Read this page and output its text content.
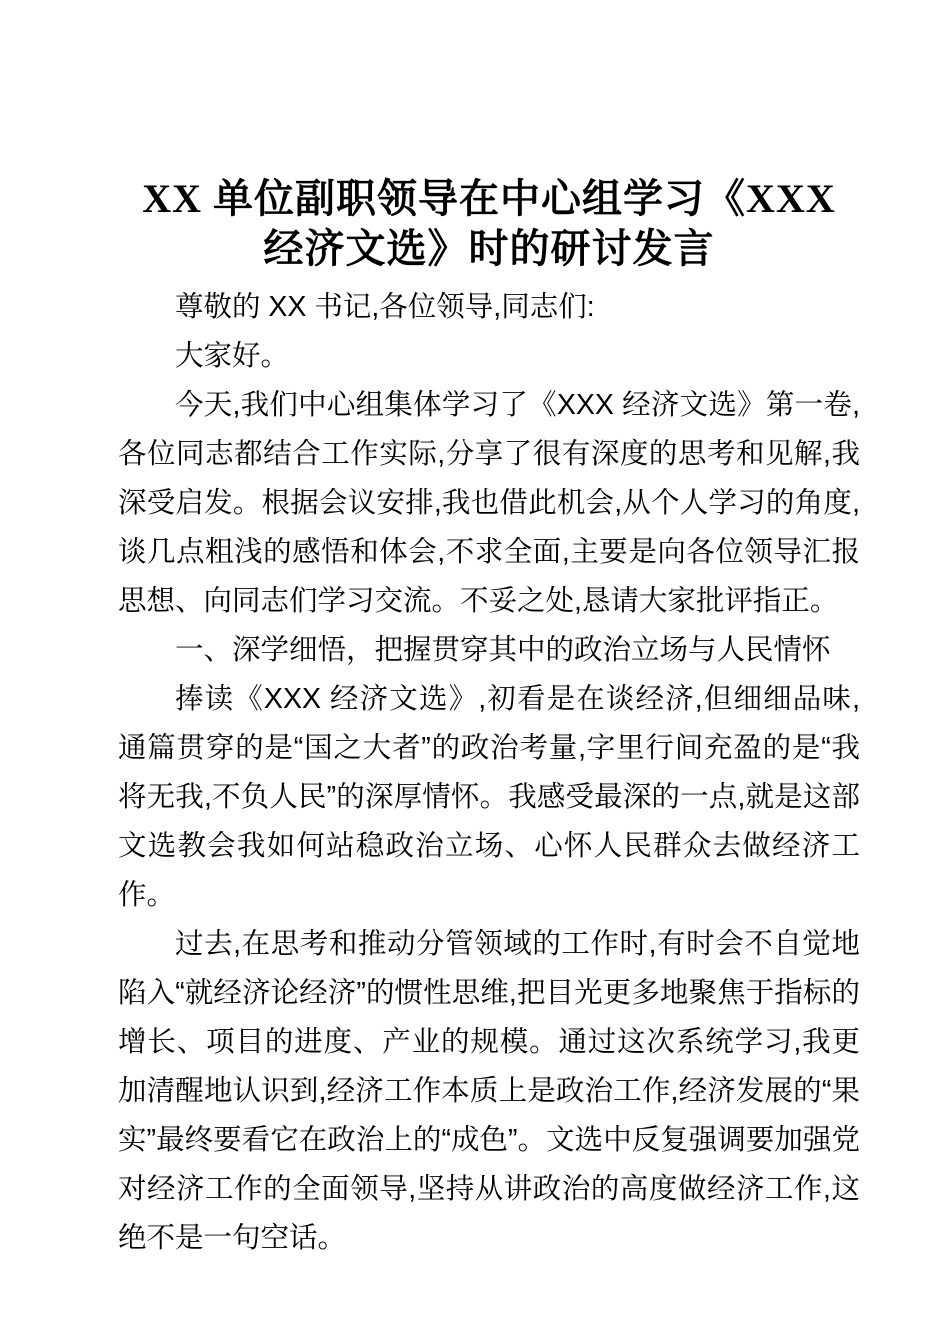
XX 单位副职领导在中心组学习《XXX 经济文选》时的研讨发言

尊敬的 XX 书记,各位领导,同志们:

大家好。

今天,我们中心组集体学习了《XXX 经济文选》第一卷,各位同志都结合工作实际,分享了很有深度的思考和见解,我深受启发。根据会议安排,我也借此机会,从个人学习的角度,谈几点粗浅的感悟和体会,不求全面,主要是向各位领导汇报思想、向同志们学习交流。不妥之处,恳请大家批评指正。

一、深学细悟，把握贯穿其中的政治立场与人民情怀

捧读《XXX 经济文选》,初看是在谈经济,但细细品味,通篇贯穿的是“国之大者”的政治考量,字里行间充盈的是“我将无我,不负人民”的深厚情怀。我感受最深的一点,就是这部文选教会我如何站稳政治立场、心怀人民群众去做经济工作。

过去,在思考和推动分管领域的工作时,有时会不自觉地陷入“就经济论经济”的惯性思维,把目光更多地聚焦于指标的增长、项目的进度、产业的规模。通过这次系统学习,我更加清醒地认识到,经济工作本质上是政治工作,经济发展的“果实”最终要看它在政治上的“成色”。文选中反复强调要加强党对经济工作的全面领导,坚持从讲政治的高度做经济工作,这绝不是一句空话。
